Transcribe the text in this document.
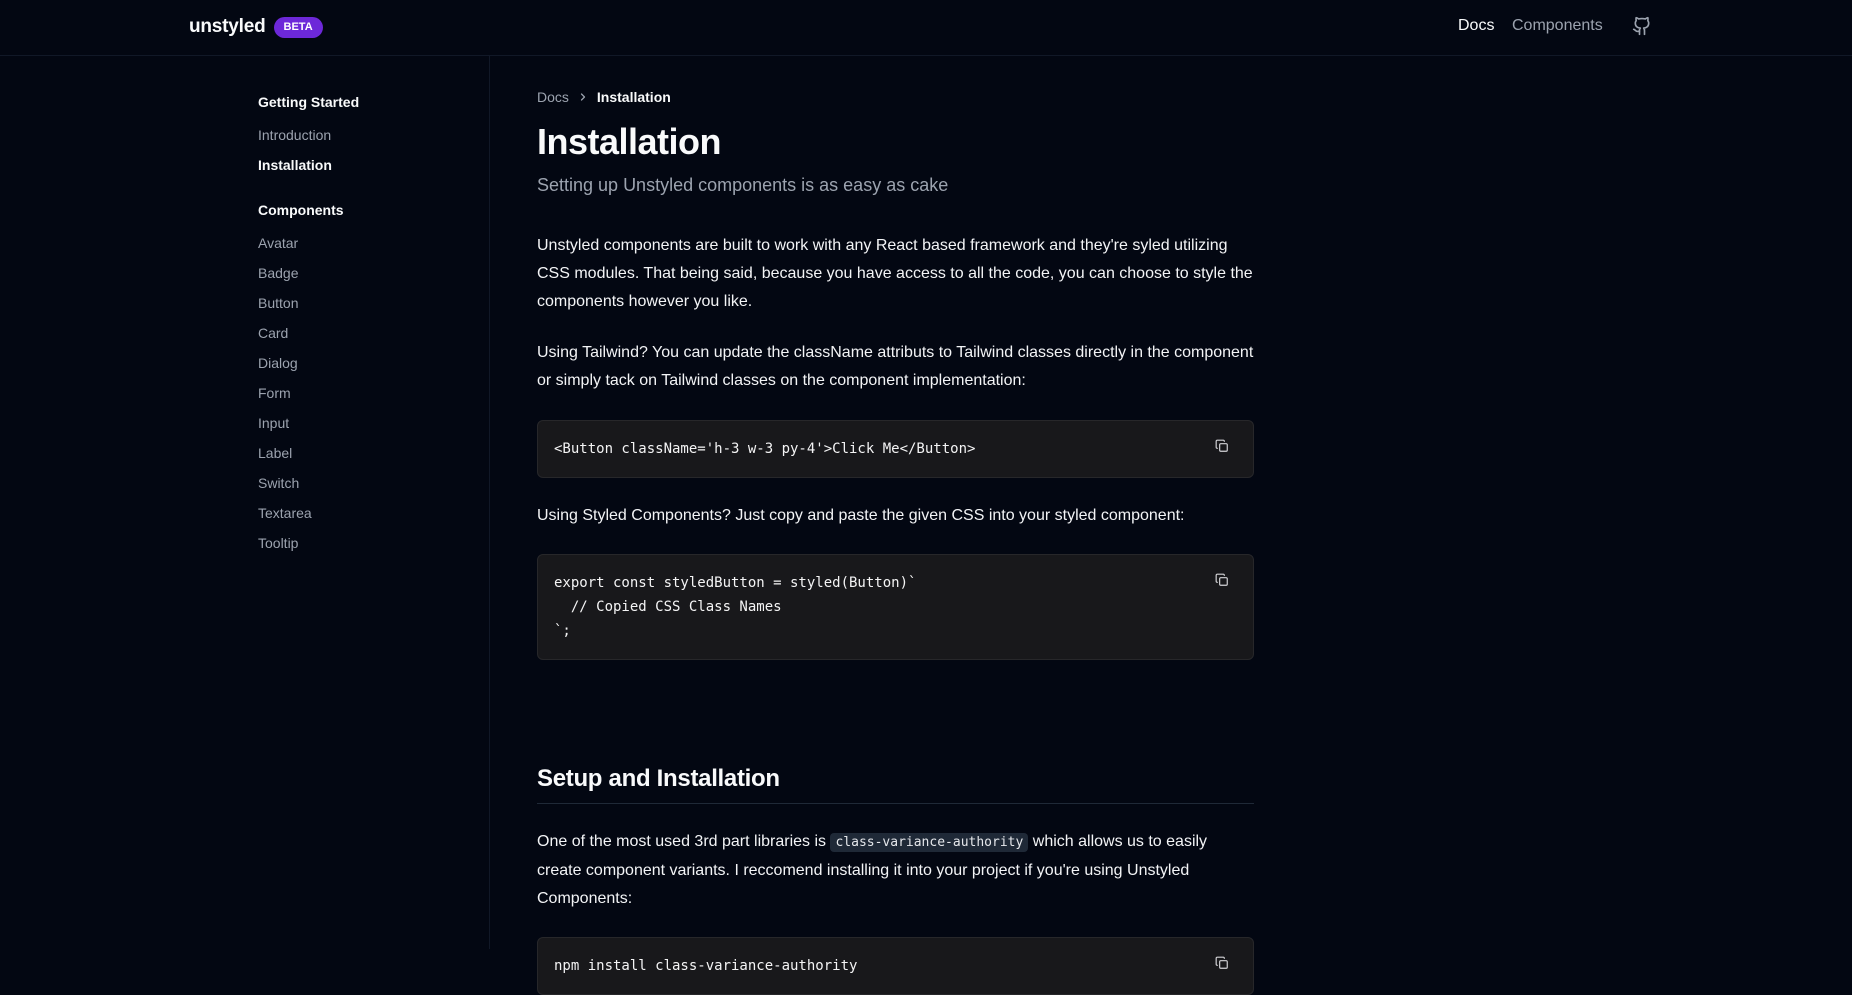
unstyled	BETA	Docs Components
Getting Started
Introduction
Installation
Components
Avatar
Badge
Button
Card
Dialog
Form
Input
Label
Switch
Textarea
Tooltip
Docs Installation
Installation

Setting up Unstyled components is as easy as cake

Unstyled components are built to work with any React based framework and they're syled utilizing CSS modules. That being said, because you have access to all the code, you can choose to style the components however you like.

Using Tailwind? You can update the className attributs to Tailwind classes directly in the component or simply tack on Tailwind classes on the component implementation:

<Button className='h-3 w-3 py-4'>Click Me</Button>

Using Styled Components? Just copy and paste the given CSS into your styled component:

export const styledButton = styled(Button)`
// Copied CSS Class Names
`;
Setup and Installation

One of the most used 3rd part libraries is class-variance-authority which allows us to easily create component variants. I reccomend installing it into your project if you're using Unstyled Components:

npm install class-variance-authority
